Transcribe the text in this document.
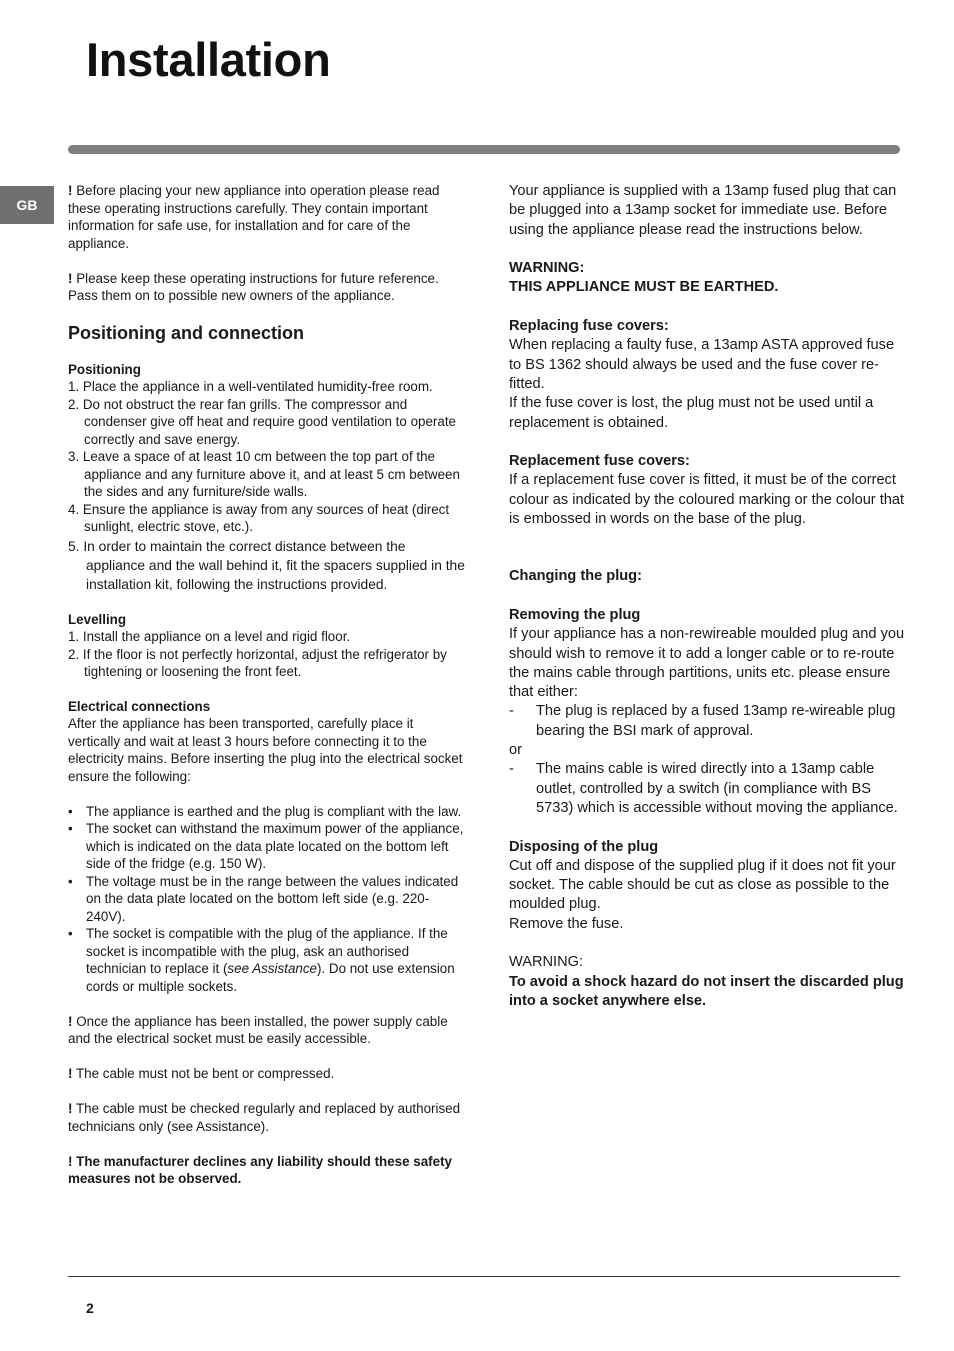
Installation
GB

! Before placing your new appliance into operation please read these operating instructions carefully. They contain important information for safe use, for installation and for care of the appliance.

! Please keep these operating instructions for future reference. Pass them on to possible new owners of the appliance.

Positioning and connection

Positioning

1. Place the appliance in a well-ventilated humidity-free room.
2. Do not obstruct the rear fan grills. The compressor and condenser give off heat and require good ventilation to operate correctly and save energy.
3. Leave a space of at least 10 cm between the top part of the appliance and any furniture above it, and at least 5 cm between the sides and any furniture/side walls.
4. Ensure the appliance is away from any sources of heat (direct sunlight, electric stove, etc.).
5. In order to maintain the correct distance between the appliance and the wall behind it, fit the spacers supplied in the installation kit, following the instructions provided.

Levelling

1. Install the appliance on a level and rigid floor.
2. If the floor is not perfectly horizontal, adjust the refrigerator by tightening or loosening the front feet.

Electrical connections

After the appliance has been transported, carefully place it vertically and wait at least 3 hours before connecting it to the electricity mains. Before inserting the plug into the electrical socket ensure the following:

• The appliance is earthed and the plug is compliant with the law.
• The socket can withstand the maximum power of the appliance, which is indicated on the data plate located on the bottom left side of the fridge (e.g. 150 W).
• The voltage must be in the range between the values indicated on the data plate located on the bottom left side (e.g. 220-240V).
• The socket is compatible with the plug of the appliance. If the socket is incompatible with the plug, ask an authorised technician to replace it (see Assistance). Do not use extension cords or multiple sockets.

! Once the appliance has been installed, the power supply cable and the electrical socket must be easily accessible.

! The cable must not be bent or compressed.

! The cable must be checked regularly and replaced by authorised technicians only (see Assistance).

! The manufacturer declines any liability should these safety measures not be observed.

Your appliance is supplied with a 13amp fused plug that can be plugged into a 13amp socket for immediate use. Before using the appliance please read the instructions below.

WARNING:

THIS APPLIANCE MUST BE EARTHED.

Replacing fuse covers:

When replacing a faulty fuse, a 13amp ASTA approved fuse to BS 1362 should always be used and the fuse cover re-fitted.

If the fuse cover is lost, the plug must not be used until a replacement is obtained.

Replacement fuse covers:

If a replacement fuse cover is fitted, it must be of the correct colour as indicated by the coloured marking or the colour that is embossed in words on the base of the plug.

Changing the plug:

Removing the plug

If your appliance has a non-rewireable moulded plug and you should wish to remove it to add a longer cable or to re-route the mains cable through partitions, units etc. please ensure that either:

- The plug is replaced by a fused 13amp re-wireable plug bearing the BSI mark of approval.

or

- The mains cable is wired directly into a 13amp cable outlet, controlled by a switch (in compliance with BS 5733) which is accessible without moving the appliance.

Disposing of the plug

Cut off and dispose of the supplied plug if it does not fit your socket. The cable should be cut as close as possible to the moulded plug.

Remove the fuse.

WARNING:

To avoid a shock hazard do not insert the discarded plug into a socket anywhere else.

2
